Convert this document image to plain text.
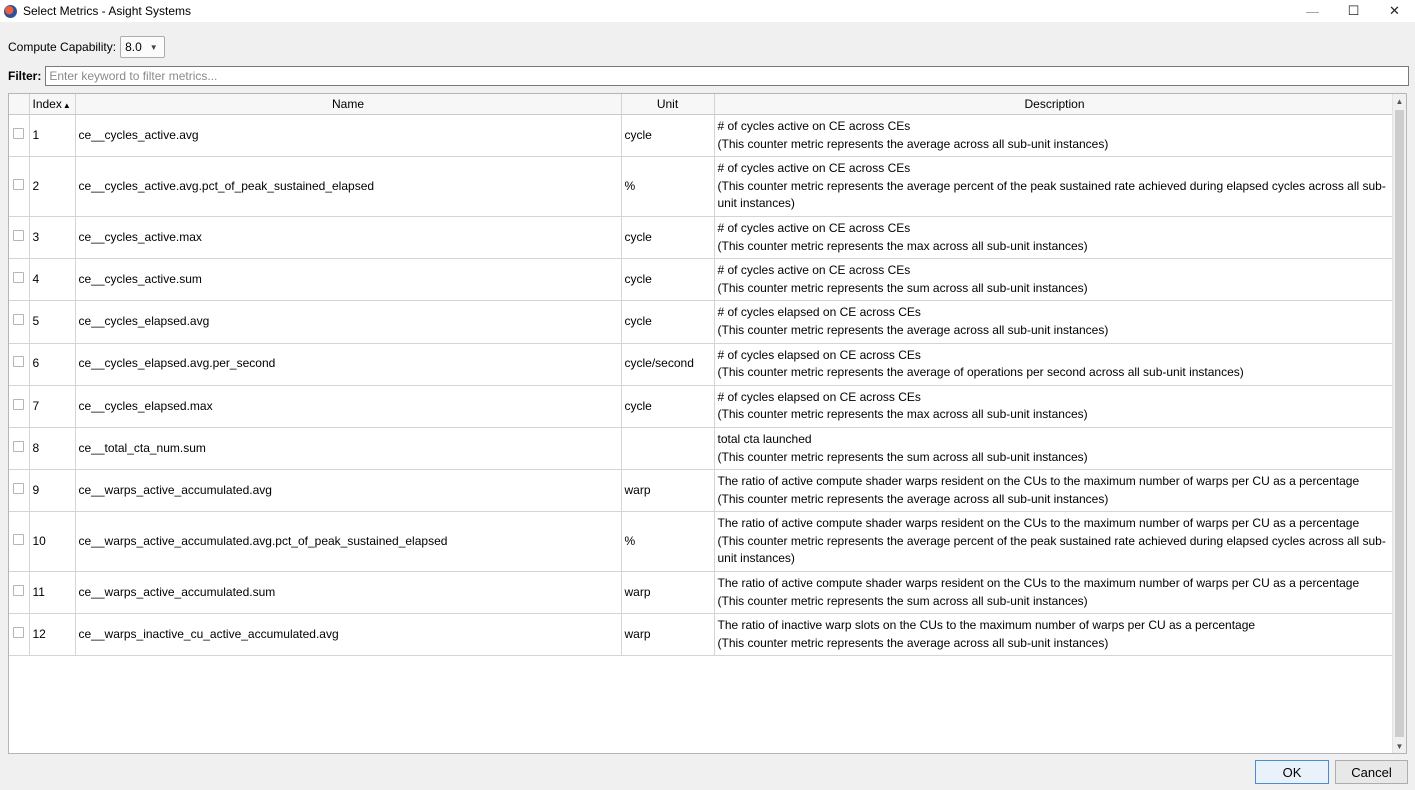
Select Metrics - Asight Systems	—	☐	✕
Compute Capability: 8.0 ▼
Filter:
Enter keyword to filter metrics...
	Index▲	Name	Unit	Description
	1	ce__cycles_active.avg	cycle	# of cycles active on CE across CEs
(This counter metric represents the average across all sub-unit instances)

	2	ce__cycles_active.avg.pct_of_peak_sustained_elapsed	%	# of cycles active on CE across CEs
(This counter metric represents the average percent of the peak sustained rate achieved during elapsed cycles across all sub-unit instances)

	3	ce__cycles_active.max	cycle	# of cycles active on CE across CEs
(This counter metric represents the max across all sub-unit instances)

	4	ce__cycles_active.sum	cycle	# of cycles active on CE across CEs
(This counter metric represents the sum across all sub-unit instances)

	5	ce__cycles_elapsed.avg	cycle	# of cycles elapsed on CE across CEs
(This counter metric represents the average across all sub-unit instances)

	6	ce__cycles_elapsed.avg.per_second	cycle/second	# of cycles elapsed on CE across CEs
(This counter metric represents the average of operations per second across all sub-unit instances)

	7	ce__cycles_elapsed.max	cycle	# of cycles elapsed on CE across CEs
(This counter metric represents the max across all sub-unit instances)

	8	ce__total_cta_num.sum		total cta launched
(This counter metric represents the sum across all sub-unit instances)

	9	ce__warps_active_accumulated.avg	warp	The ratio of active compute shader warps resident on the CUs to the maximum number of warps per CU as a percentage
(This counter metric represents the average across all sub-unit instances)

	10	ce__warps_active_accumulated.avg.pct_of_peak_sustained_elapsed	%	The ratio of active compute shader warps resident on the CUs to the maximum number of warps per CU as a percentage
(This counter metric represents the average percent of the peak sustained rate achieved during elapsed cycles across all sub-unit instances)

	11	ce__warps_active_accumulated.sum	warp	The ratio of active compute shader warps resident on the CUs to the maximum number of warps per CU as a percentage
(This counter metric represents the sum across all sub-unit instances)

	12	ce__warps_inactive_cu_active_accumulated.avg	warp	The ratio of inactive warp slots on the CUs to the maximum number of warps per CU as a percentage
(This counter metric represents the average across all sub-unit instances)
▲
▼
OK	Cancel
